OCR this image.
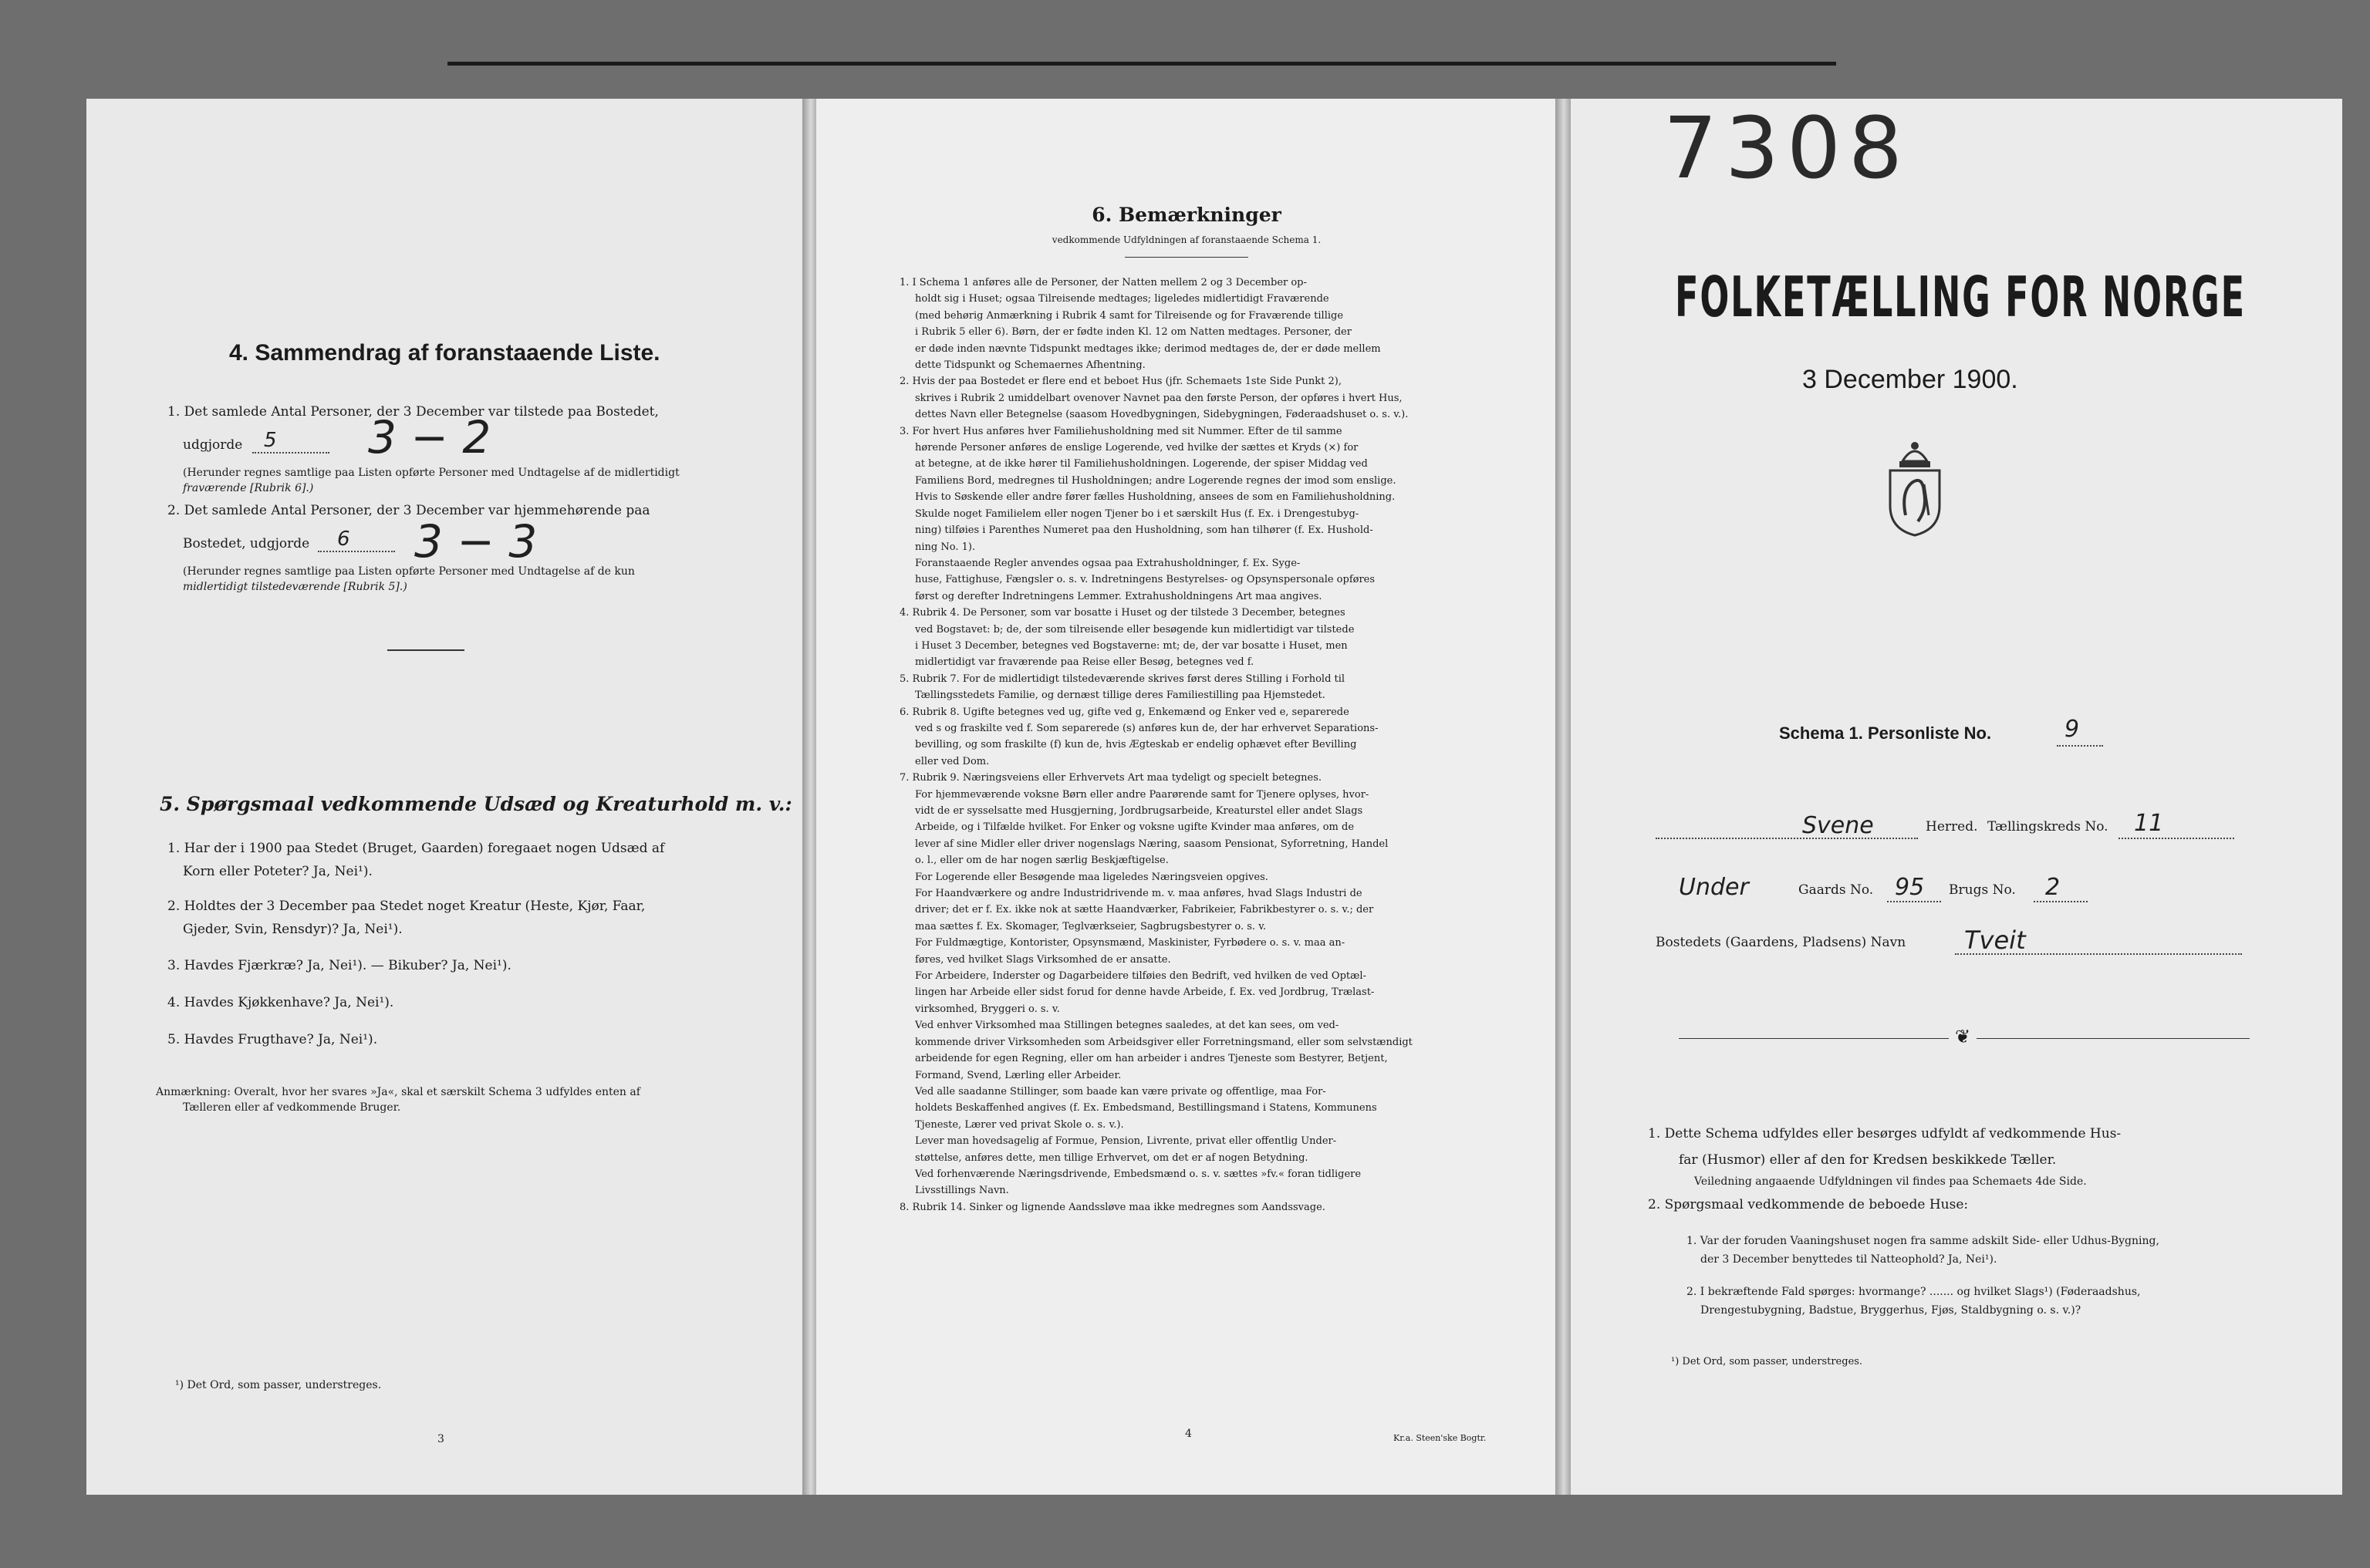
4. Sammendrag af foranstaaende Liste.
1. Det samlede Antal Personer, der 3 December var tilstede paa Bostedet,
udgjorde 5 3 − 2
(Herunder regnes samtlige paa Listen opførte Personer med Undtagelse af de midlertidigt
fraværende [Rubrik 6].)
2. Det samlede Antal Personer, der 3 December var hjemmehørende paa
Bostedet, udgjorde 6 3 − 3
(Herunder regnes samtlige paa Listen opførte Personer med Undtagelse af de kun
midlertidigt tilstedeværende [Rubrik 5].)
5. Spørgsmaal vedkommende Udsæd og Kreaturhold m. v.:
1. Har der i 1900 paa Stedet (Bruget, Gaarden) foregaaet nogen Udsæd af
Korn eller Poteter? Ja, Nei¹).
2. Holdtes der 3 December paa Stedet noget Kreatur (Heste, Kjør, Faar,
Gjeder, Svin, Rensdyr)? Ja, Nei¹).
3. Havdes Fjærkræ? Ja, Nei¹). — Bikuber? Ja, Nei¹).
4. Havdes Kjøkkenhave? Ja, Nei¹).
5. Havdes Frugthave? Ja, Nei¹).
Anmærkning: Overalt, hvor her svares »Ja«, skal et særskilt Schema 3 udfyldes enten af
Tælleren eller af vedkommende Bruger.
¹) Det Ord, som passer, understreges.
3
6. Bemærkninger
vedkommende Udfyldningen af foranstaaende Schema 1.
1. I Schema 1 anføres alle de Personer, der Natten mellem 2 og 3 December op-
holdt sig i Huset; ogsaa Tilreisende medtages; ligeledes midlertidigt Fraværende
(med behørig Anmærkning i Rubrik 4 samt for Tilreisende og for Fraværende tillige
i Rubrik 5 eller 6). Børn, der er fødte inden Kl. 12 om Natten medtages. Personer, der
er døde inden nævnte Tidspunkt medtages ikke; derimod medtages de, der er døde mellem
dette Tidspunkt og Schemaernes Afhentning.
2. Hvis der paa Bostedet er flere end et beboet Hus (jfr. Schemaets 1ste Side Punkt 2),
skrives i Rubrik 2 umiddelbart ovenover Navnet paa den første Person, der opføres i hvert Hus,
dettes Navn eller Betegnelse (saasom Hovedbygningen, Sidebygningen, Føderaadshuset o. s. v.).
3. For hvert Hus anføres hver Familiehusholdning med sit Nummer. Efter de til samme
hørende Personer anføres de enslige Logerende, ved hvilke der sættes et Kryds (×) for
at betegne, at de ikke hører til Familiehusholdningen. Logerende, der spiser Middag ved
Familiens Bord, medregnes til Husholdningen; andre Logerende regnes der imod som enslige.
Hvis to Søskende eller andre fører fælles Husholdning, ansees de som en Familiehusholdning.
Skulde noget Familielem eller nogen Tjener bo i et særskilt Hus (f. Ex. i Drengestubyg-
ning) tilføies i Parenthes Numeret paa den Husholdning, som han tilhører (f. Ex. Hushold-
ning No. 1).
Foranstaaende Regler anvendes ogsaa paa Extrahusholdninger, f. Ex. Syge-
huse, Fattighuse, Fængsler o. s. v. Indretningens Bestyrelses- og Opsynspersonale opføres
først og derefter Indretningens Lemmer. Extrahusholdningens Art maa angives.
4. Rubrik 4. De Personer, som var bosatte i Huset og der tilstede 3 December, betegnes
ved Bogstavet: b; de, der som tilreisende eller besøgende kun midlertidigt var tilstede
i Huset 3 December, betegnes ved Bogstaverne: mt; de, der var bosatte i Huset, men
midlertidigt var fraværende paa Reise eller Besøg, betegnes ved f.
5. Rubrik 7. For de midlertidigt tilstedeværende skrives først deres Stilling i Forhold til
Tællingsstedets Familie, og dernæst tillige deres Familiestilling paa Hjemstedet.
6. Rubrik 8. Ugifte betegnes ved ug, gifte ved g, Enkemænd og Enker ved e, separerede
ved s og fraskilte ved f. Som separerede (s) anføres kun de, der har erhvervet Separations-
bevilling, og som fraskilte (f) kun de, hvis Ægteskab er endelig ophævet efter Bevilling
eller ved Dom.
7. Rubrik 9. Næringsveiens eller Erhvervets Art maa tydeligt og specielt betegnes.
For hjemmeværende voksne Børn eller andre Paarørende samt for Tjenere oplyses, hvor-
vidt de er sysselsatte med Husgjerning, Jordbrugsarbeide, Kreaturstel eller andet Slags
Arbeide, og i Tilfælde hvilket. For Enker og voksne ugifte Kvinder maa anføres, om de
lever af sine Midler eller driver nogenslags Næring, saasom Pensionat, Syforretning, Handel
o. l., eller om de har nogen særlig Beskjæftigelse.
For Logerende eller Besøgende maa ligeledes Næringsveien opgives.
For Haandværkere og andre Industridrivende m. v. maa anføres, hvad Slags Industri de
driver; det er f. Ex. ikke nok at sætte Haandværker, Fabrikeier, Fabrikbestyrer o. s. v.; der
maa sættes f. Ex. Skomager, Teglværkseier, Sagbrugsbestyrer o. s. v.
For Fuldmægtige, Kontorister, Opsynsmænd, Maskinister, Fyrbødere o. s. v. maa an-
føres, ved hvilket Slags Virksomhed de er ansatte.
For Arbeidere, Inderster og Dagarbeidere tilføies den Bedrift, ved hvilken de ved Optæl-
lingen har Arbeide eller sidst forud for denne havde Arbeide, f. Ex. ved Jordbrug, Trælast-
virksomhed, Bryggeri o. s. v.
Ved enhver Virksomhed maa Stillingen betegnes saaledes, at det kan sees, om ved-
kommende driver Virksomheden som Arbeidsgiver eller Forretningsmand, eller som selvstændigt
arbeidende for egen Regning, eller om han arbeider i andres Tjeneste som Bestyrer, Betjent,
Formand, Svend, Lærling eller Arbeider.
Ved alle saadanne Stillinger, som baade kan være private og offentlige, maa For-
holdets Beskaffenhed angives (f. Ex. Embedsmand, Bestillingsmand i Statens, Kommunens
Tjeneste, Lærer ved privat Skole o. s. v.).
Lever man hovedsagelig af Formue, Pension, Livrente, privat eller offentlig Under-
støttelse, anføres dette, men tillige Erhvervet, om det er af nogen Betydning.
Ved forhenværende Næringsdrivende, Embedsmænd o. s. v. sættes »fv.« foran tidligere
Livsstillings Navn.
8. Rubrik 14. Sinker og lignende Aandssløve maa ikke medregnes som Aandssvage.
4	Kr.a. Steen'ske Bogtr.
7308
FOLKETÆLLING FOR NORGE
3 December 1900.
Schema 1. Personliste No.	9
Svene	Herred. Tællingskreds No. 11
Under	Gaards No. 95 Brugs No. 2
Bostedets (Gaardens, Pladsens) Navn Tveit
❦
1. Dette Schema udfyldes eller besørges udfyldt af vedkommende Hus-
far (Husmor) eller af den for Kredsen beskikkede Tæller.
Veiledning angaaende Udfyldningen vil findes paa Schemaets 4de Side.
2. Spørgsmaal vedkommende de beboede Huse:
1. Var der foruden Vaaningshuset nogen fra samme adskilt Side- eller Udhus-Bygning,
der 3 December benyttedes til Natteophold? Ja, Nei¹).
2. I bekræftende Fald spørges: hvormange? ....... og hvilket Slags¹) (Føderaadshus,
Drengestubygning, Badstue, Bryggerhus, Fjøs, Staldbygning o. s. v.)?
¹) Det Ord, som passer, understreges.
